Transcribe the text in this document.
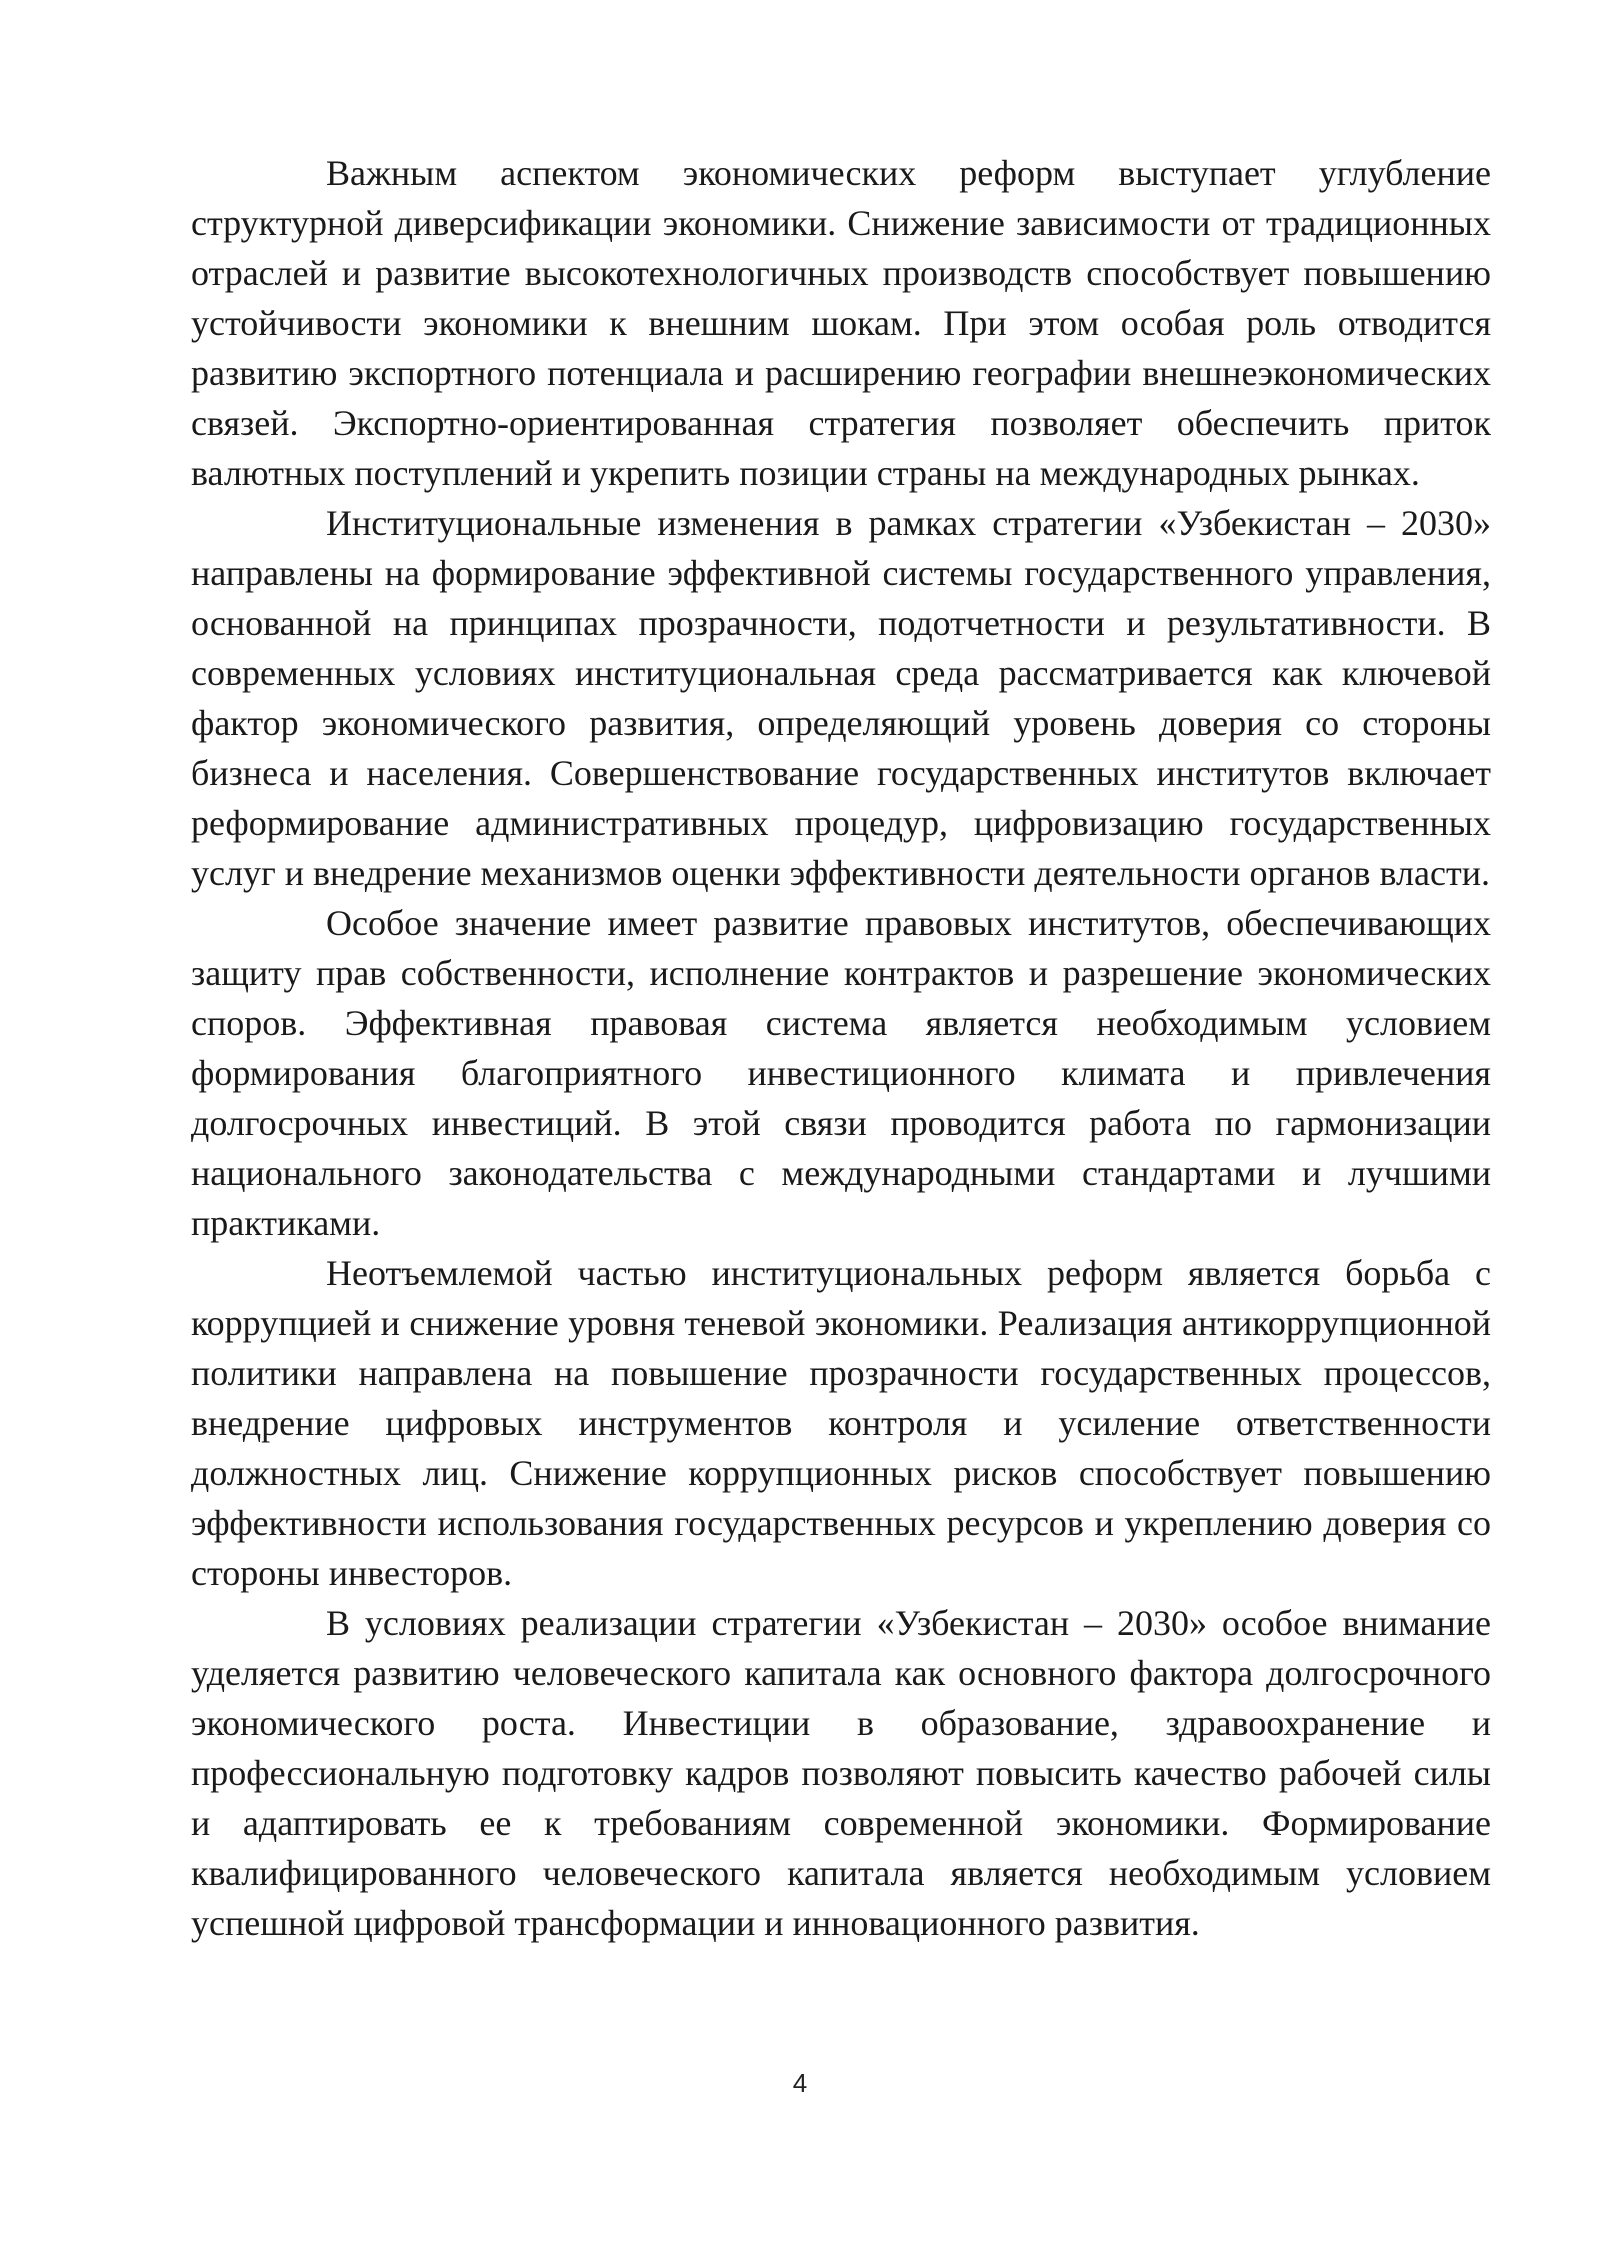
Важным аспектом экономических реформ выступает углубление структурной диверсификации экономики. Снижение зависимости от традиционных отраслей и развитие высокотехнологичных производств способствует повышению устойчивости экономики к внешним шокам. При этом особая роль отводится развитию экспортного потенциала и расширению географии внешнеэкономических связей. Экспортно-ориентированная стратегия позволяет обеспечить приток валютных поступлений и укрепить позиции страны на международных рынках.

Институциональные изменения в рамках стратегии «Узбекистан – 2030» направлены на формирование эффективной системы государственного управления, основанной на принципах прозрачности, подотчетности и результативности. В современных условиях институциональная среда рассматривается как ключевой фактор экономического развития, определяющий уровень доверия со стороны бизнеса и населения. Совершенствование государственных институтов включает реформирование административных процедур, цифровизацию государственных услуг и внедрение механизмов оценки эффективности деятельности органов власти.

Особое значение имеет развитие правовых институтов, обеспечивающих защиту прав собственности, исполнение контрактов и разрешение экономических споров. Эффективная правовая система является необходимым условием формирования благоприятного инвестиционного климата и привлечения долгосрочных инвестиций. В этой связи проводится работа по гармонизации национального законодательства с международными стандартами и лучшими практиками.

Неотъемлемой частью институциональных реформ является борьба с коррупцией и снижение уровня теневой экономики. Реализация антикоррупционной политики направлена на повышение прозрачности государственных процессов, внедрение цифровых инструментов контроля и усиление ответственности должностных лиц. Снижение коррупционных рисков способствует повышению эффективности использования государственных ресурсов и укреплению доверия со стороны инвесторов.

В условиях реализации стратегии «Узбекистан – 2030» особое внимание уделяется развитию человеческого капитала как основного фактора долгосрочного экономического роста. Инвестиции в образование, здравоохранение и профессиональную подготовку кадров позволяют повысить качество рабочей силы и адаптировать ее к требованиям современной экономики. Формирование квалифицированного человеческого капитала является необходимым условием успешной цифровой трансформации и инновационного развития.

4
